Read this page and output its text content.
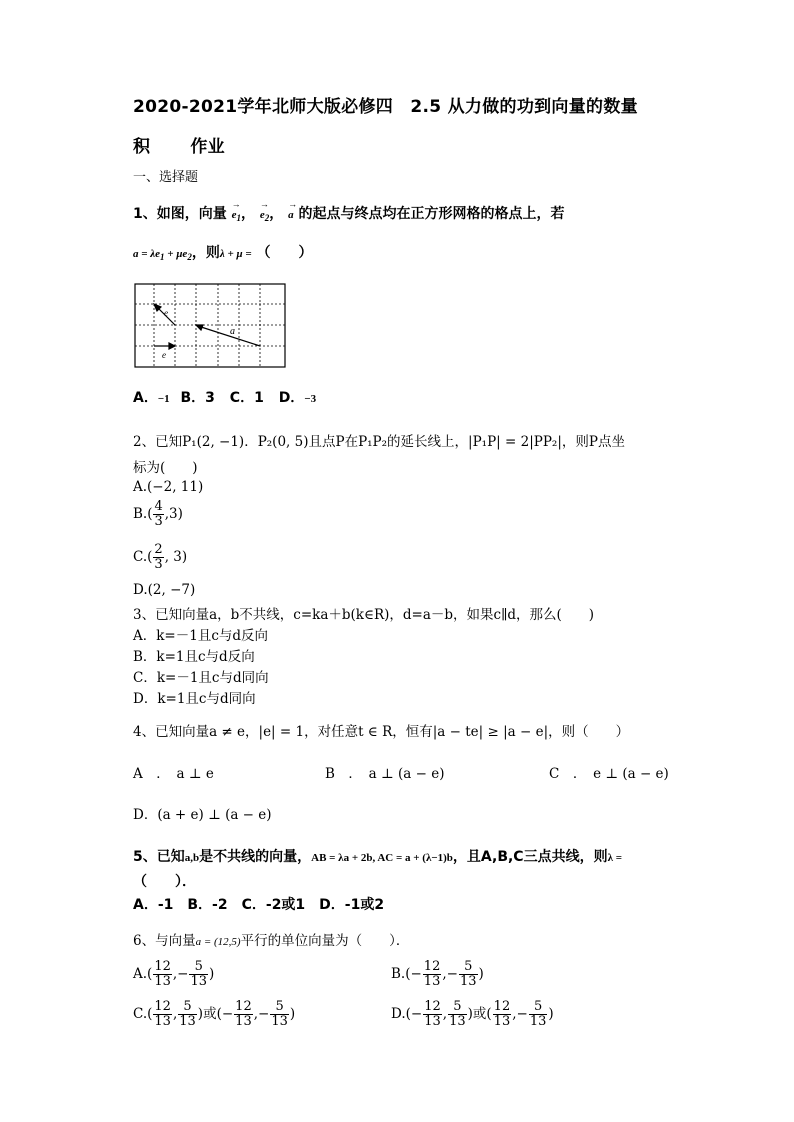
2020-2021学年北师大版必修四　2.5 从力做的功到向量的数量
积 作业
一、选择题
1、如图，向量 → $e_1$， → $e_2$， → a 的起点与终点均在正方形网格的格点上，若
$a = \lambda e_1 + \mu e_2$，则λ + μ = （　　）
e
e
a
A．−1 B．3 C．1 D．−3
2、已知P₁(2, −1)．P₂(0, 5)且点P在P₁P₂的延长线上，|P₁P| = 2|PP₂|，则P点坐
标为(　　)
A.(−2, 11)
$B.( \frac{4}{3} ,3)$
$C.( \frac{2}{3}$ , 3)
D.(2, −7)
3、已知向量a，b不共线，c=ka＋b(k∈R)，d=a－b，如果c∥d，那么(　　)
A．k=－1且c与d反向
B．k=1且c与d反向
C．k=－1且c与d同向
D．k=1且c与d同向
4、已知向量a ≠ e，|e| = 1，对任意t ∈ R，恒有|a − te| ≥ |a − e|，则（　　）
A　．　a ⊥ e	B　．　a ⊥ (a − e)	C　．　e ⊥ (a − e)
D．(a + e) ⊥ (a − e)
5、已知a,b是不共线的向量，AB = λa + 2b, AC = a + (λ−1)b，且A,B,C三点共线，则λ =
（　　）．
A．-1　B．-2　C．-2或1　D．-1或2
6、与向量a = (12,5)平行的单位向量为（　　）．
$A.( \frac{12}{13}$ ,− $\frac{5}{13}$ )	$B.(- \frac{12}{13}$ ,− $\frac{5}{13}$ )
$C.( \frac{12}{13}$ , $\frac{5}{13}$ )或(− $\frac{12}{13}$ ,− $\frac{5}{13}$ )	$D.(- \frac{12}{13}$ , $\frac{5}{13}$ )或( $\frac{12}{13}$ ,− $\frac{5}{13}$ )
